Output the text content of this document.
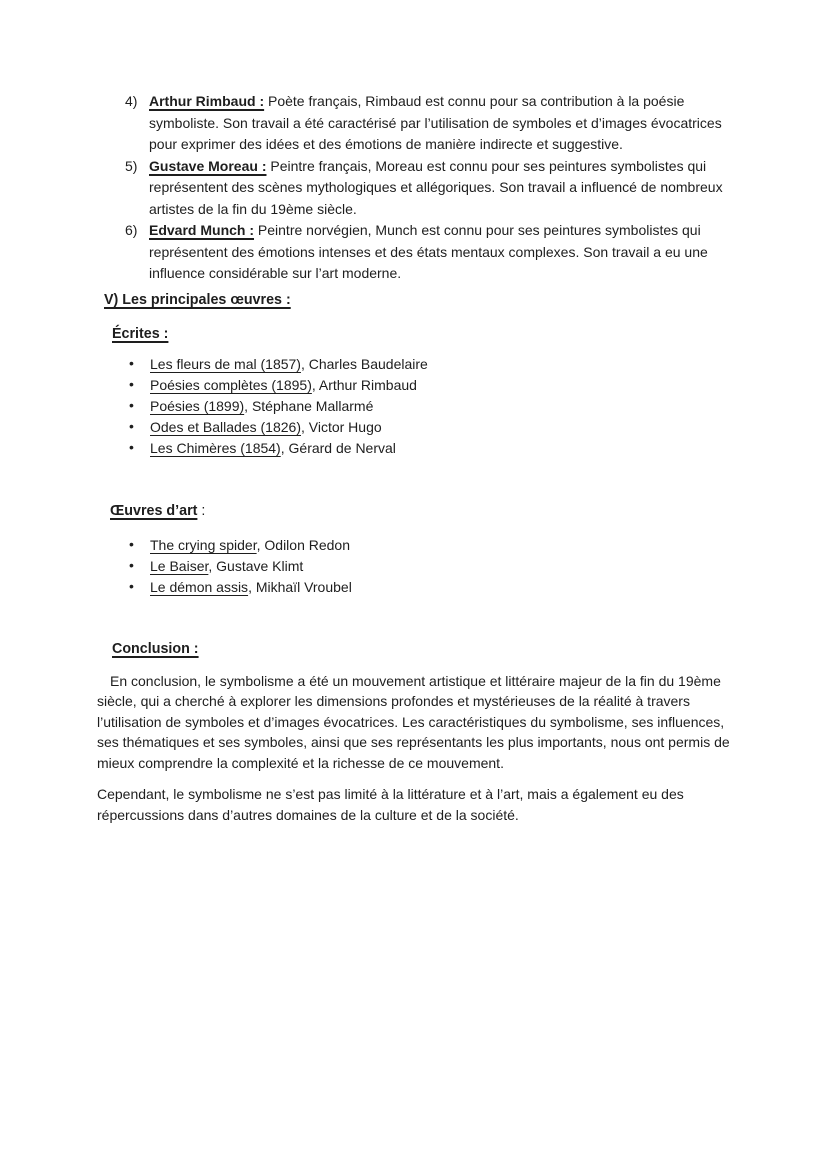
4) Arthur Rimbaud : Poète français, Rimbaud est connu pour sa contribution à la poésie symboliste. Son travail a été caractérisé par l’utilisation de symboles et d’images évocatrices pour exprimer des idées et des émotions de manière indirecte et suggestive.
5) Gustave Moreau : Peintre français, Moreau est connu pour ses peintures symbolistes qui représentent des scènes mythologiques et allégoriques. Son travail a influencé de nombreux artistes de la fin du 19ème siècle.
6) Edvard Munch : Peintre norvégien, Munch est connu pour ses peintures symbolistes qui représentent des émotions intenses et des états mentaux complexes. Son travail a eu une influence considérable sur l’art moderne.
V) Les principales œuvres :
Écrites :
• Les fleurs de mal (1857), Charles Baudelaire
• Poésies complètes (1895), Arthur Rimbaud
• Poésies (1899), Stéphane Mallarmé
• Odes et Ballades (1826), Victor Hugo
• Les Chimères (1854), Gérard de Nerval
Œuvres d’art :
• The crying spider, Odilon Redon
• Le Baiser, Gustave Klimt
• Le démon assis, Mikhaïl Vroubel
Conclusion :

En conclusion, le symbolisme a été un mouvement artistique et littéraire majeur de la fin du 19ème siècle, qui a cherché à explorer les dimensions profondes et mystérieuses de la réalité à travers l’utilisation de symboles et d’images évocatrices. Les caractéristiques du symbolisme, ses influences, ses thématiques et ses symboles, ainsi que ses représentants les plus importants, nous ont permis de mieux comprendre la complexité et la richesse de ce mouvement.

Cependant, le symbolisme ne s’est pas limité à la littérature et à l’art, mais a également eu des répercussions dans d’autres domaines de la culture et de la société.
